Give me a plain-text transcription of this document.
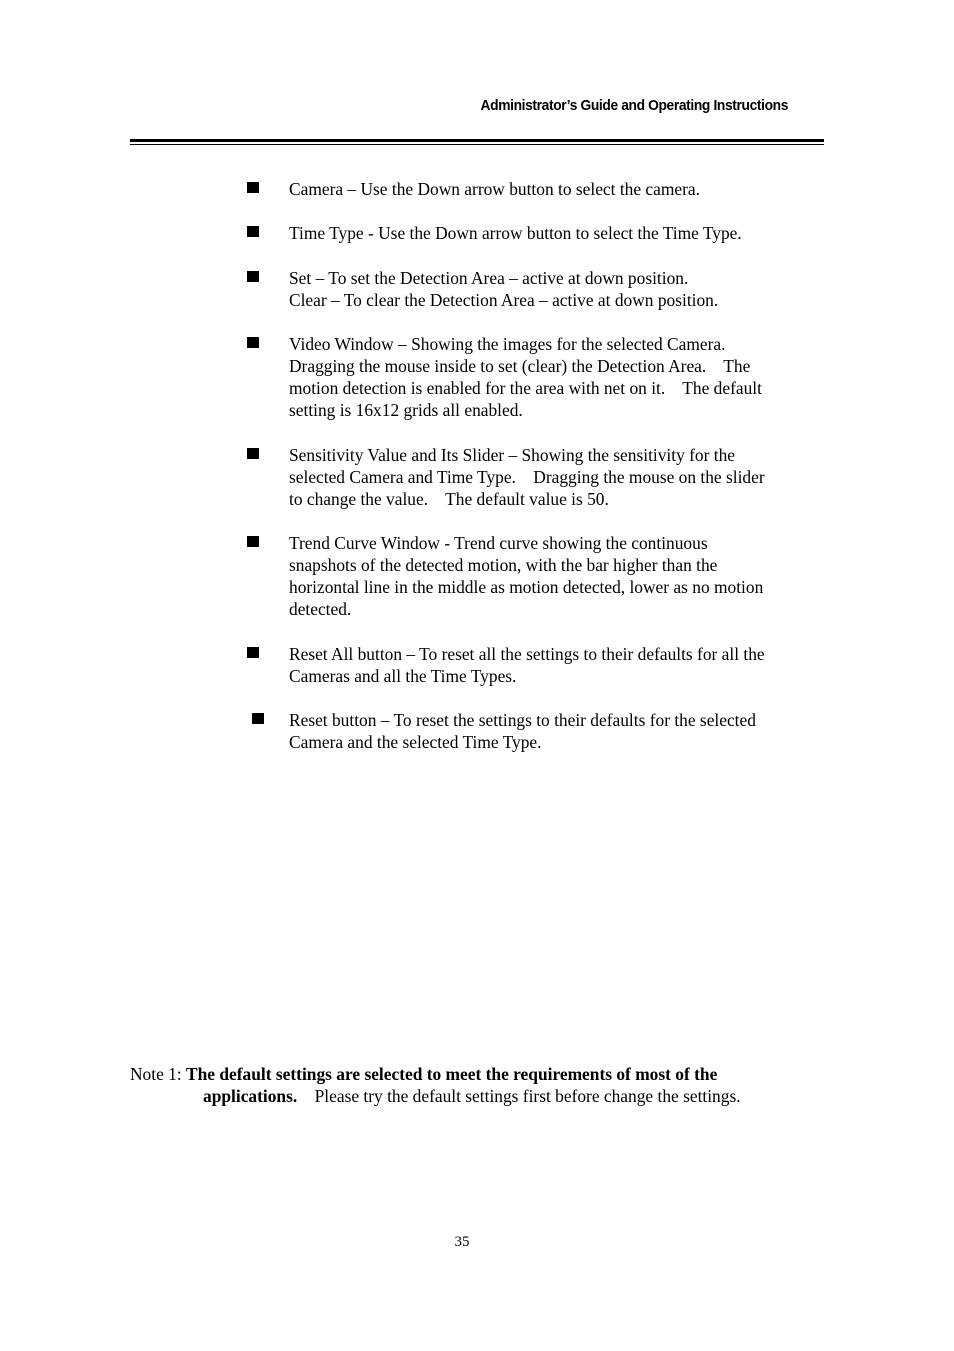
Administrator’s Guide and Operating Instructions
Camera – Use the Down arrow button to select the camera.
Time Type - Use the Down arrow button to select the Time Type.
Set – To set the Detection Area – active at down position.
Clear – To clear the Detection Area – active at down position.
Video Window – Showing the images for the selected Camera.
Dragging the mouse inside to set (clear) the Detection Area.    The
motion detection is enabled for the area with net on it.    The default
setting is 16x12 grids all enabled.
Sensitivity Value and Its Slider – Showing the sensitivity for the
selected Camera and Time Type.    Dragging the mouse on the slider
to change the value.    The default value is 50.
Trend Curve Window - Trend curve showing the continuous
snapshots of the detected motion, with the bar higher than the
horizontal line in the middle as motion detected, lower as no motion
detected.
Reset All button – To reset all the settings to their defaults for all the
Cameras and all the Time Types.
Reset button – To reset the settings to their defaults for the selected
Camera and the selected Time Type.
Note 1: The default settings are selected to meet the requirements of most of the
applications.    Please try the default settings first before change the settings.
35
